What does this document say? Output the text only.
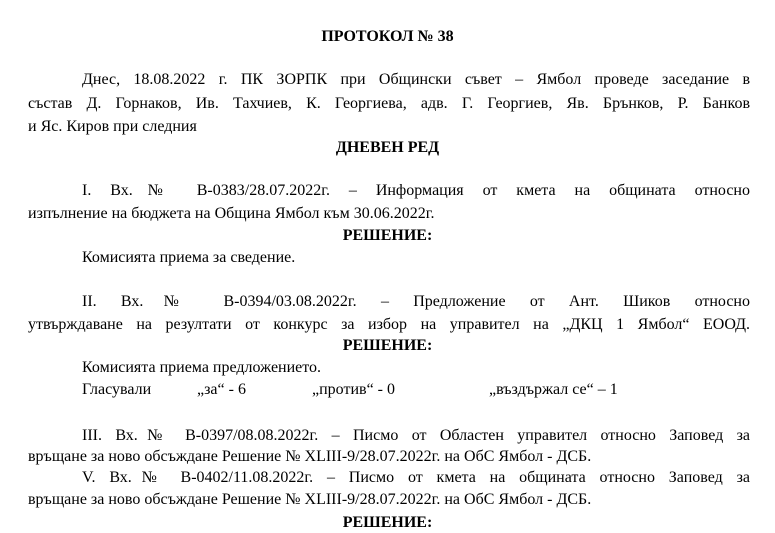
ПРОТОКОЛ № 38
Днес, 18.08.2022 г. ПК ЗОРПК при Общински съвет – Ямбол проведе заседание в
състав Д. Горнаков, Ив. Тахчиев, К. Георгиева, адв. Г. Георгиев, Яв. Брънков, Р. Банков
и Яс. Киров при следния
ДНЕВЕН РЕД
I. Вх.№ В-0383/28.07.2022г. – Информация от кмета на общината относно
изпълнение на бюджета на Община Ямбол към 30.06.2022г.
РЕШЕНИЕ:
Комисията приема за сведение.
II. Вх.№ В-0394/03.08.2022г. – Предложение от Ант. Шиков относно
утвърждаване на резултати от конкурс за избор на управител на „ДКЦ 1 Ямбол“ ЕООД.
РЕШЕНИЕ:
Комисията приема предложението.
Гласували	„за“ - 6	„против“ - 0	„въздържал се“ – 1
III. Вх.№ В-0397/08.08.2022г. – Писмо от Областен управител относно Заповед за
връщане за ново обсъждане Решение № XLIII-9/28.07.2022г. на ОбС Ямбол - ДСБ.
V. Вх.№ В-0402/11.08.2022г. – Писмо от кмета на общината относно Заповед за
връщане за ново обсъждане Решение № XLIII-9/28.07.2022г. на ОбС Ямбол - ДСБ.
РЕШЕНИЕ:
